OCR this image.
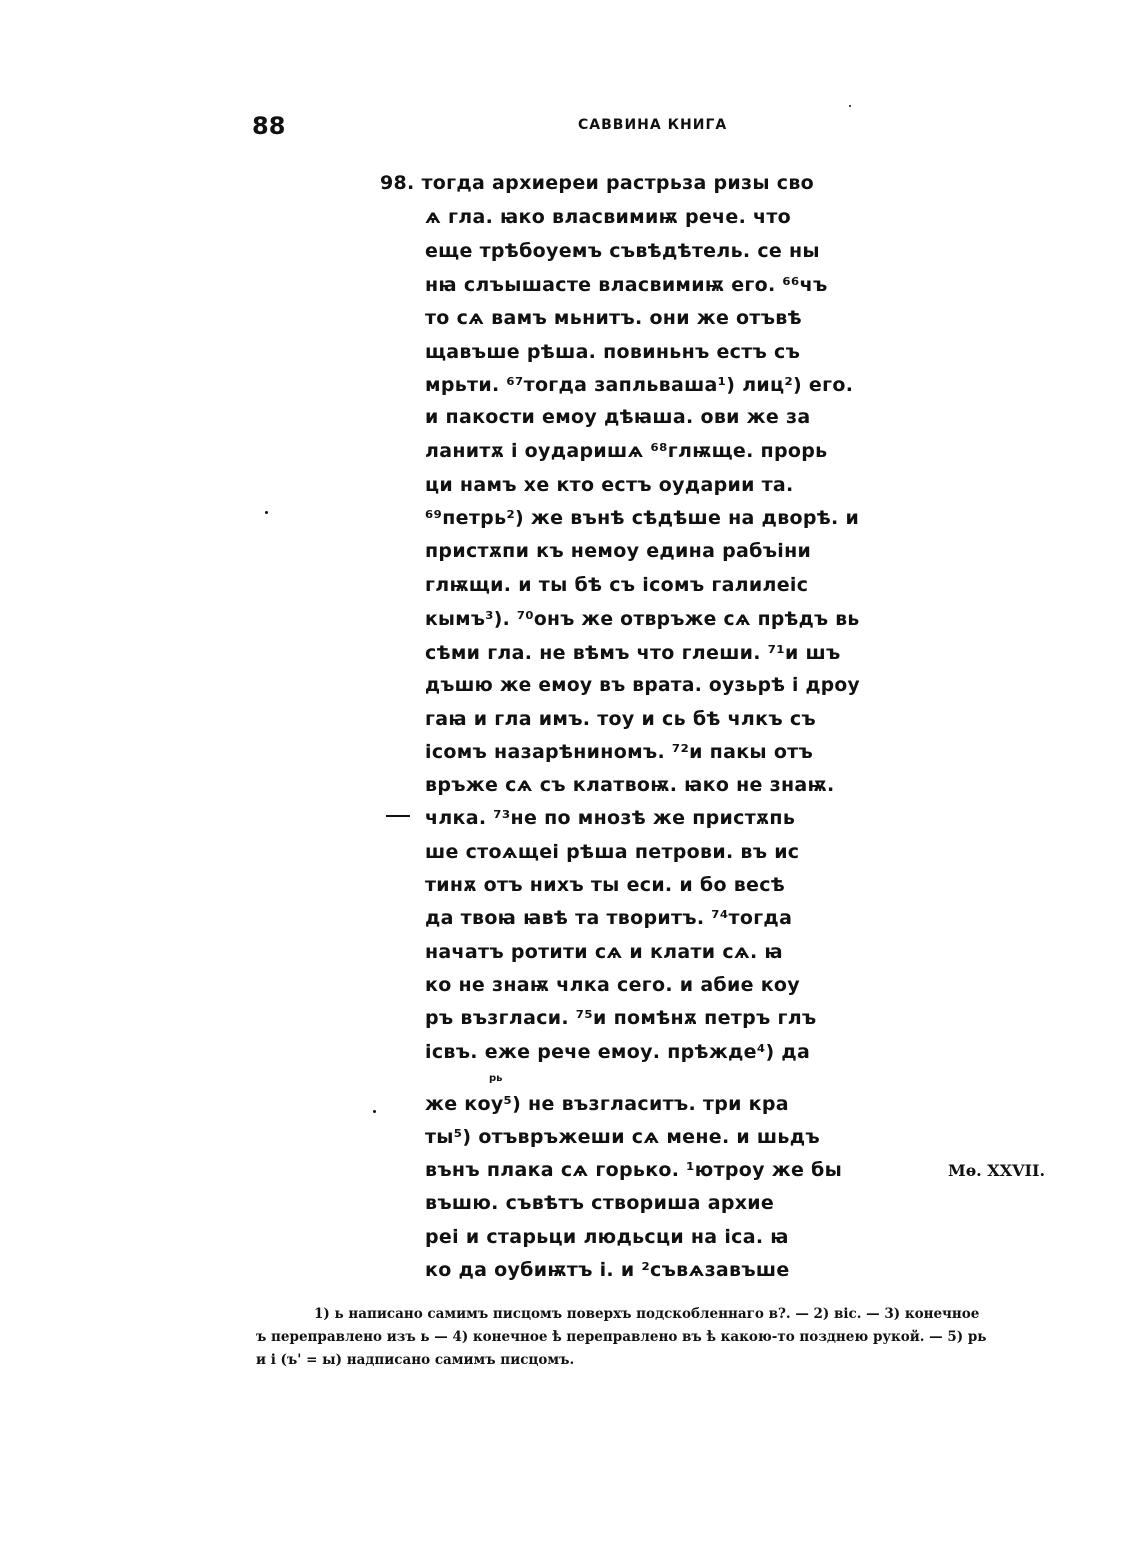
88	САВВИНА КНИГА
98. тогда архиереи растрьза ризы сво
ѧ гла. ꙗко власвимиѭ рече. что
еще трѣбоуемъ съвѣдѣтель. се ны
нꙗ слъышасте власвимиѭ его. ⁶⁶чъ
то сѧ вамъ мьнитъ. они же отъвѣ
щавъше рѣша. повиньнъ естъ съ
мрьти. ⁶⁷тогда запльваша¹) лиц²) его.
и пакости емоу дѣꙗша. ови же за
ланитѫ і оударишѧ ⁶⁸глѭще. прорь
ци намъ хе кто естъ оударии та.
⁶⁹петрь²) же вънѣ сѣдѣше на дворѣ. и
пристѫпи къ немоу едина рабъіни
глѭщи. и ты бѣ съ ісомъ галилеіс
кымъ³). ⁷⁰онъ же отвръже сѧ прѣдъ вь
сѣми гла. не вѣмъ что глеши. ⁷¹и шъ
дъшю же емоу въ врата. оузьрѣ і дроу
гаꙗ и гла имъ. тоу и сь бѣ члкъ съ
ісомъ назарѣниномъ. ⁷²и пакы отъ
връже сѧ съ клатвоѭ. ꙗко не знаѭ.
члка. ⁷³не по мнозѣ же пристѫпь
ше стоѧщеі рѣша петрови. въ ис
тинѫ отъ нихъ ты еси. и бо весѣ
да твоꙗ ꙗвѣ та творитъ. ⁷⁴тогда
начатъ ротити сѧ и клати сѧ. ꙗ
ко не знаѭ члка сего. и абие коу
ръ възгласи. ⁷⁵и помѣнѫ петръ глъ
ісвъ. еже рече емоу. прѣжде⁴) да
же коу⁵) не възгласитъ. три кра
ты⁵) отъвръжеши сѧ мене. и шьдъ
вънъ плака сѧ горько. ¹ютроу же бы
въшю. съвѣтъ створиша архие
реі и старьци людьсци на іса. ꙗ
ко да оубиѭтъ і. и ²съвѧзавъше
рь
Мѳ. XXVII.
1) ь написано самимъ писцомъ поверхъ подскобленнаго в?. — 2) віс. — 3) конечное
ъ переправлено изъ ь — 4) конечное ѣ переправлено въ ѣ какою-то позднею рукой. — 5) рь
и і (ъ' = ы) надписано самимъ писцомъ.
